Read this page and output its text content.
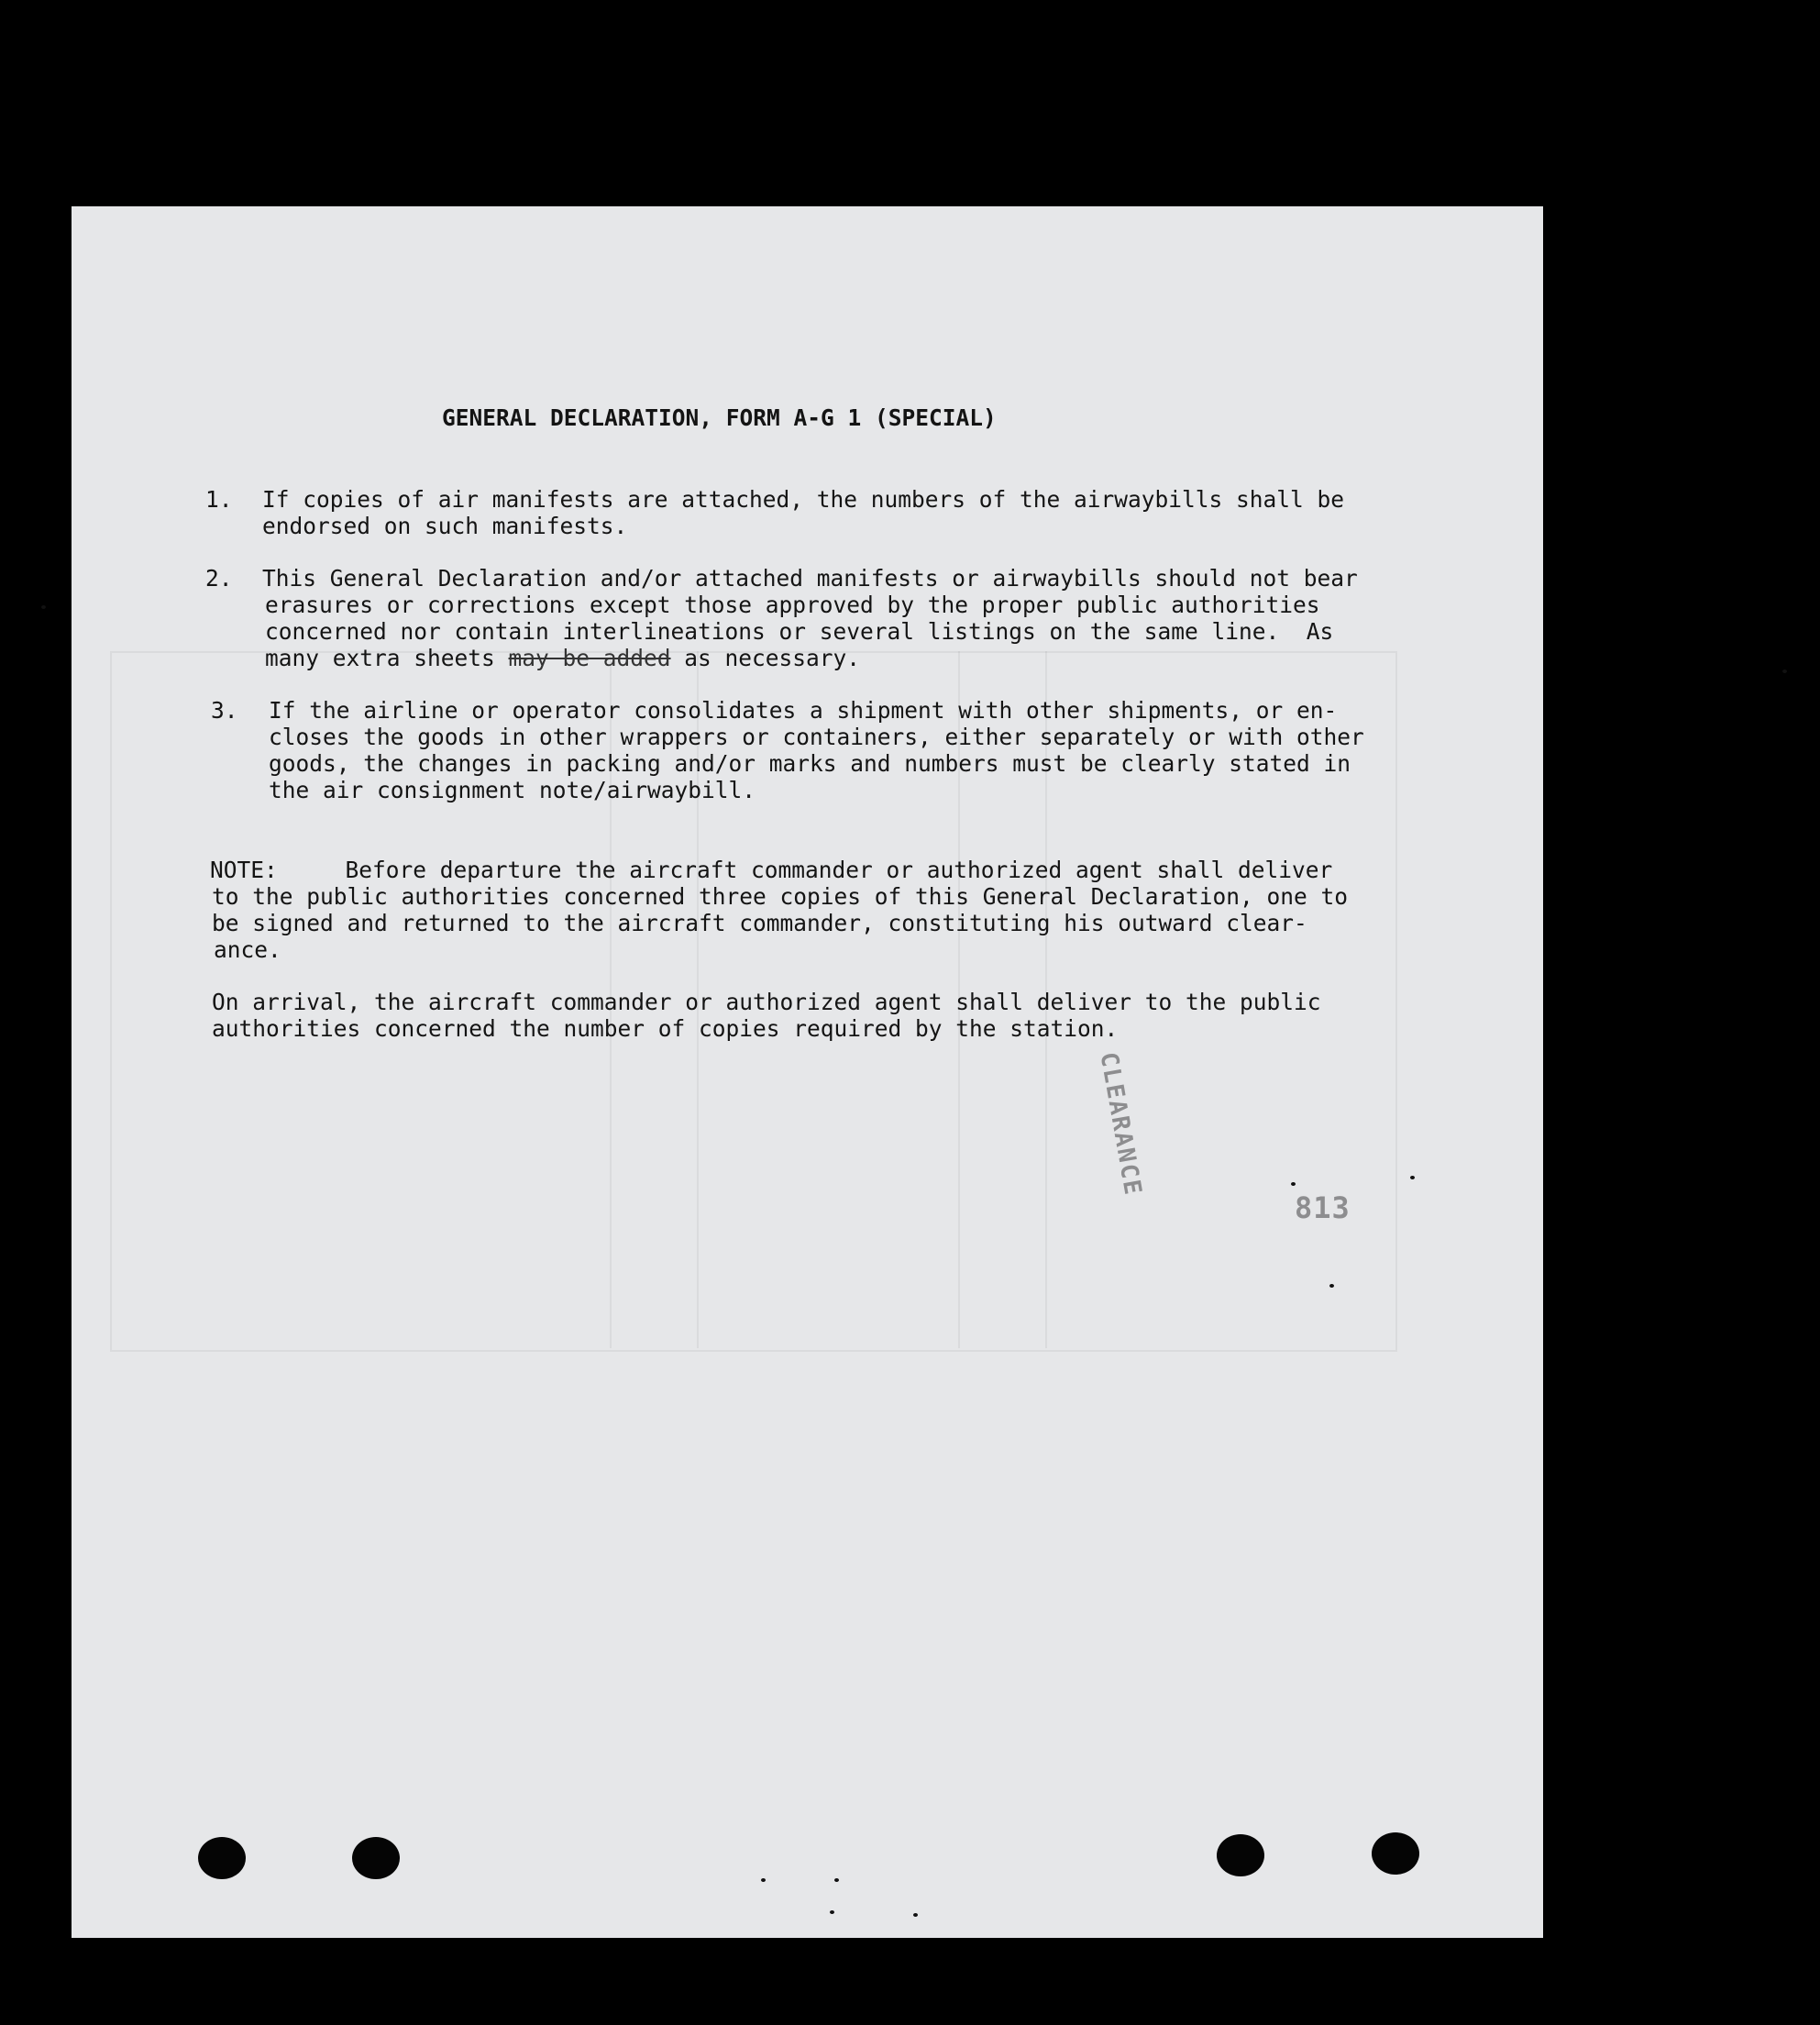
GENERAL DECLARATION, FORM A-G 1 (SPECIAL)
1. If copies of air manifests are attached, the numbers of the airwaybills shall be
endorsed on such manifests.
2. This General Declaration and/or attached manifests or airwaybills should not bear
erasures or corrections except those approved by the proper public authorities
concerned nor contain interlineations or several listings on the same line.  As
many extra sheets may be added as necessary.
3. If the airline or operator consolidates a shipment with other shipments, or en-
closes the goods in other wrappers or containers, either separately or with other
goods, the changes in packing and/or marks and numbers must be clearly stated in
the air consignment note/airwaybill.
NOTE:     Before departure the aircraft commander or authorized agent shall deliver
to the public authorities concerned three copies of this General Declaration, one to
be signed and returned to the aircraft commander, constituting his outward clear-
ance.
On arrival, the aircraft commander or authorized agent shall deliver to the public
authorities concerned the number of copies required by the station.
CLEARANCE
813
